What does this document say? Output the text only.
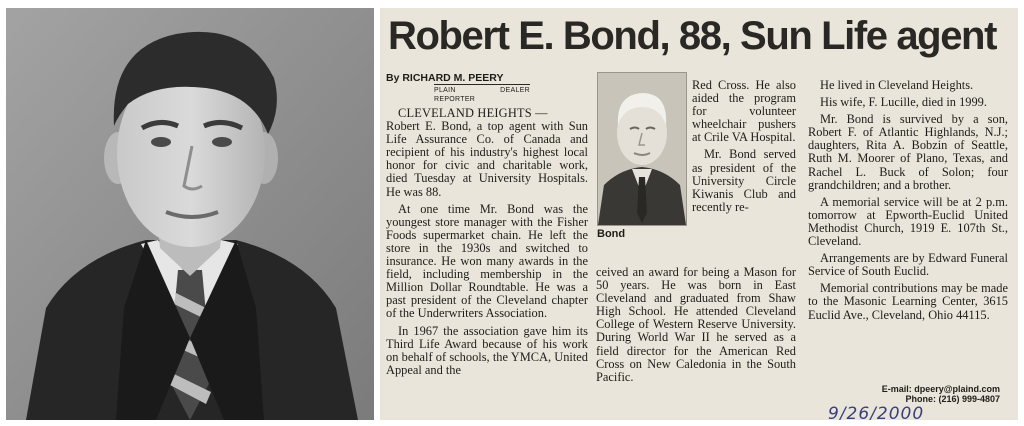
Robert E. Bond, 88, Sun Life agent
By RICHARD M. PEERY
PLAIN DEALER REPORTER
CLEVELAND HEIGHTS —

Robert E. Bond, a top agent with Sun Life Assurance Co. of Canada and recipient of his industry's highest local honor for civic and charitable work, died Tuesday at University Hospitals. He was 88.

At one time Mr. Bond was the youngest store manager with the Fisher Foods supermarket chain. He left the store in the 1930s and switched to insurance. He won many awards in the field, including membership in the Million Dollar Roundtable. He was a past president of the Cleveland chapter of the Underwriters Association.

In 1967 the association gave him its Third Life Award because of his work on behalf of schools, the YMCA, United Appeal and the

Bond

Red Cross. He also aided the program for volunteer wheelchair pushers at Crile VA Hospital.

Mr. Bond served as president of the University Circle Kiwanis Club and recently re-

ceived an award for being a Mason for 50 years. He was born in East Cleveland and graduated from Shaw High School. He attended Cleveland College of Western Reserve University. During World War II he served as a field director for the American Red Cross on New Caledonia in the South Pacific.

He lived in Cleveland Heights.

His wife, F. Lucille, died in 1999.

Mr. Bond is survived by a son, Robert F. of Atlantic Highlands, N.J.; daughters, Rita A. Bobzin of Seattle, Ruth M. Moorer of Plano, Texas, and Rachel L. Buck of Solon; four grandchildren; and a brother.

A memorial service will be at 2 p.m. tomorrow at Epworth-Euclid United Methodist Church, 1919 E. 107th St., Cleveland.

Arrangements are by Edward Funeral Service of South Euclid.

Memorial contributions may be made to the Masonic Learning Center, 3615 Euclid Ave., Cleveland, Ohio 44115.

E-mail: dpeery@plaind.com
Phone: (216) 999-4807
9/26/2000
